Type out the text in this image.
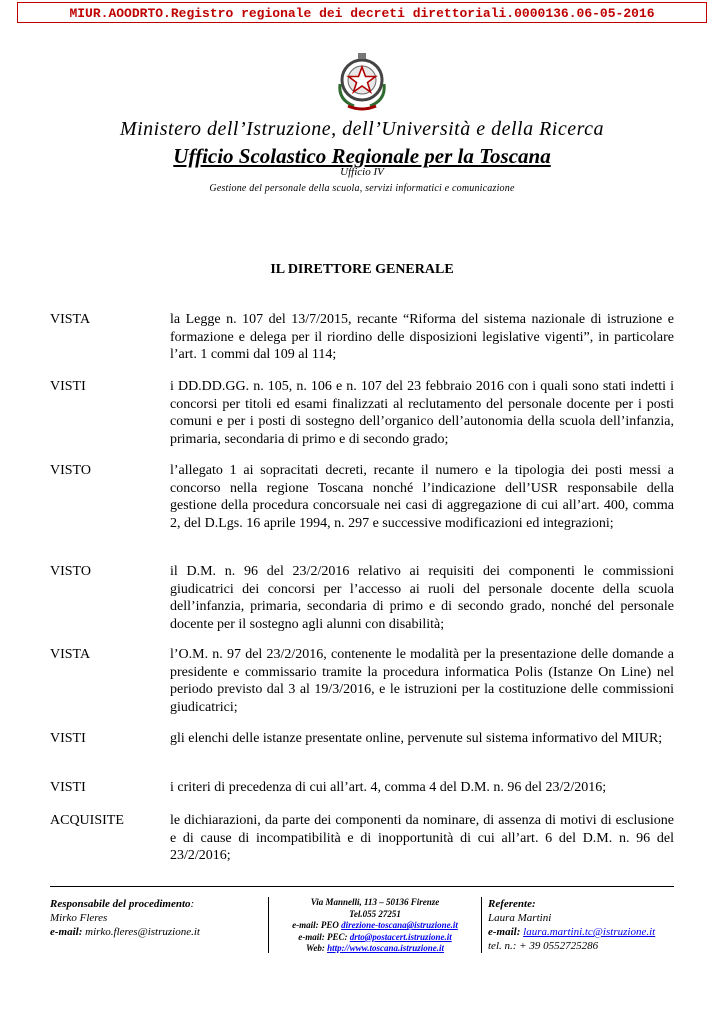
MIUR.AOODRTO.Registro regionale dei decreti direttoriali.0000136.06-05-2016
Ministero dell’Istruzione, dell’Università e della Ricerca
Ufficio Scolastico Regionale per la Toscana
Ufficio IV
Gestione del personale della scuola, servizi informatici e comunicazione
IL DIRETTORE GENERALE
VISTA	la Legge n. 107 del 13/7/2015, recante “Riforma del sistema nazionale di istruzione e formazione e delega per il riordino delle disposizioni legislative vigenti”, in particolare l’art. 1 commi dal 109 al 114;
VISTI	i DD.DD.GG. n. 105, n. 106 e n. 107 del 23 febbraio 2016 con i quali sono stati indetti i concorsi per titoli ed esami finalizzati al reclutamento del personale docente per i posti comuni e per i posti di sostegno dell’organico dell’autonomia della scuola dell’infanzia, primaria, secondaria di primo e di secondo grado;
VISTO	l’allegato 1 ai sopracitati decreti, recante il numero e la tipologia dei posti messi a concorso nella regione Toscana nonché l’indicazione dell’USR responsabile della gestione della procedura concorsuale nei casi di aggregazione di cui all’art. 400, comma 2, del D.Lgs. 16 aprile 1994, n. 297 e successive modificazioni ed integrazioni;
VISTO	il D.M. n. 96 del 23/2/2016 relativo ai requisiti dei componenti le commissioni giudicatrici dei concorsi per l’accesso ai ruoli del personale docente della scuola dell’infanzia, primaria, secondaria di primo e di secondo grado, nonché del personale docente per il sostegno agli alunni con disabilità;
VISTA	l’O.M. n. 97 del 23/2/2016, contenente le modalità per la presentazione delle domande a presidente e commissario tramite la procedura informatica Polis (Istanze On Line) nel periodo previsto dal 3 al 19/3/2016, e le istruzioni per la costituzione delle commissioni giudicatrici;
VISTI	gli elenchi delle istanze presentate online, pervenute sul sistema informativo del MIUR;
VISTI	i criteri di precedenza di cui all’art. 4, comma 4 del D.M. n. 96 del 23/2/2016;
ACQUISITE	le dichiarazioni, da parte dei componenti da nominare, di assenza di motivi di esclusione e di cause di incompatibilità e di inopportunità di cui all’art. 6 del D.M. n. 96 del 23/2/2016;
Responsabile del procedimento:
Mirko Fleres
e-mail: mirko.fleres@istruzione.it
Via Mannelli, 113 – 50136 Firenze
Tel.055 27251
e-mail: PEO direzione-toscana@istruzione.it
e-mail: PEC: drto@postacert.istruzione.it
Web: http://www.toscana.istruzione.it
Referente:
Laura Martini
e-mail: laura.martini.tc@istruzione.it
tel. n.: + 39 0552725286
